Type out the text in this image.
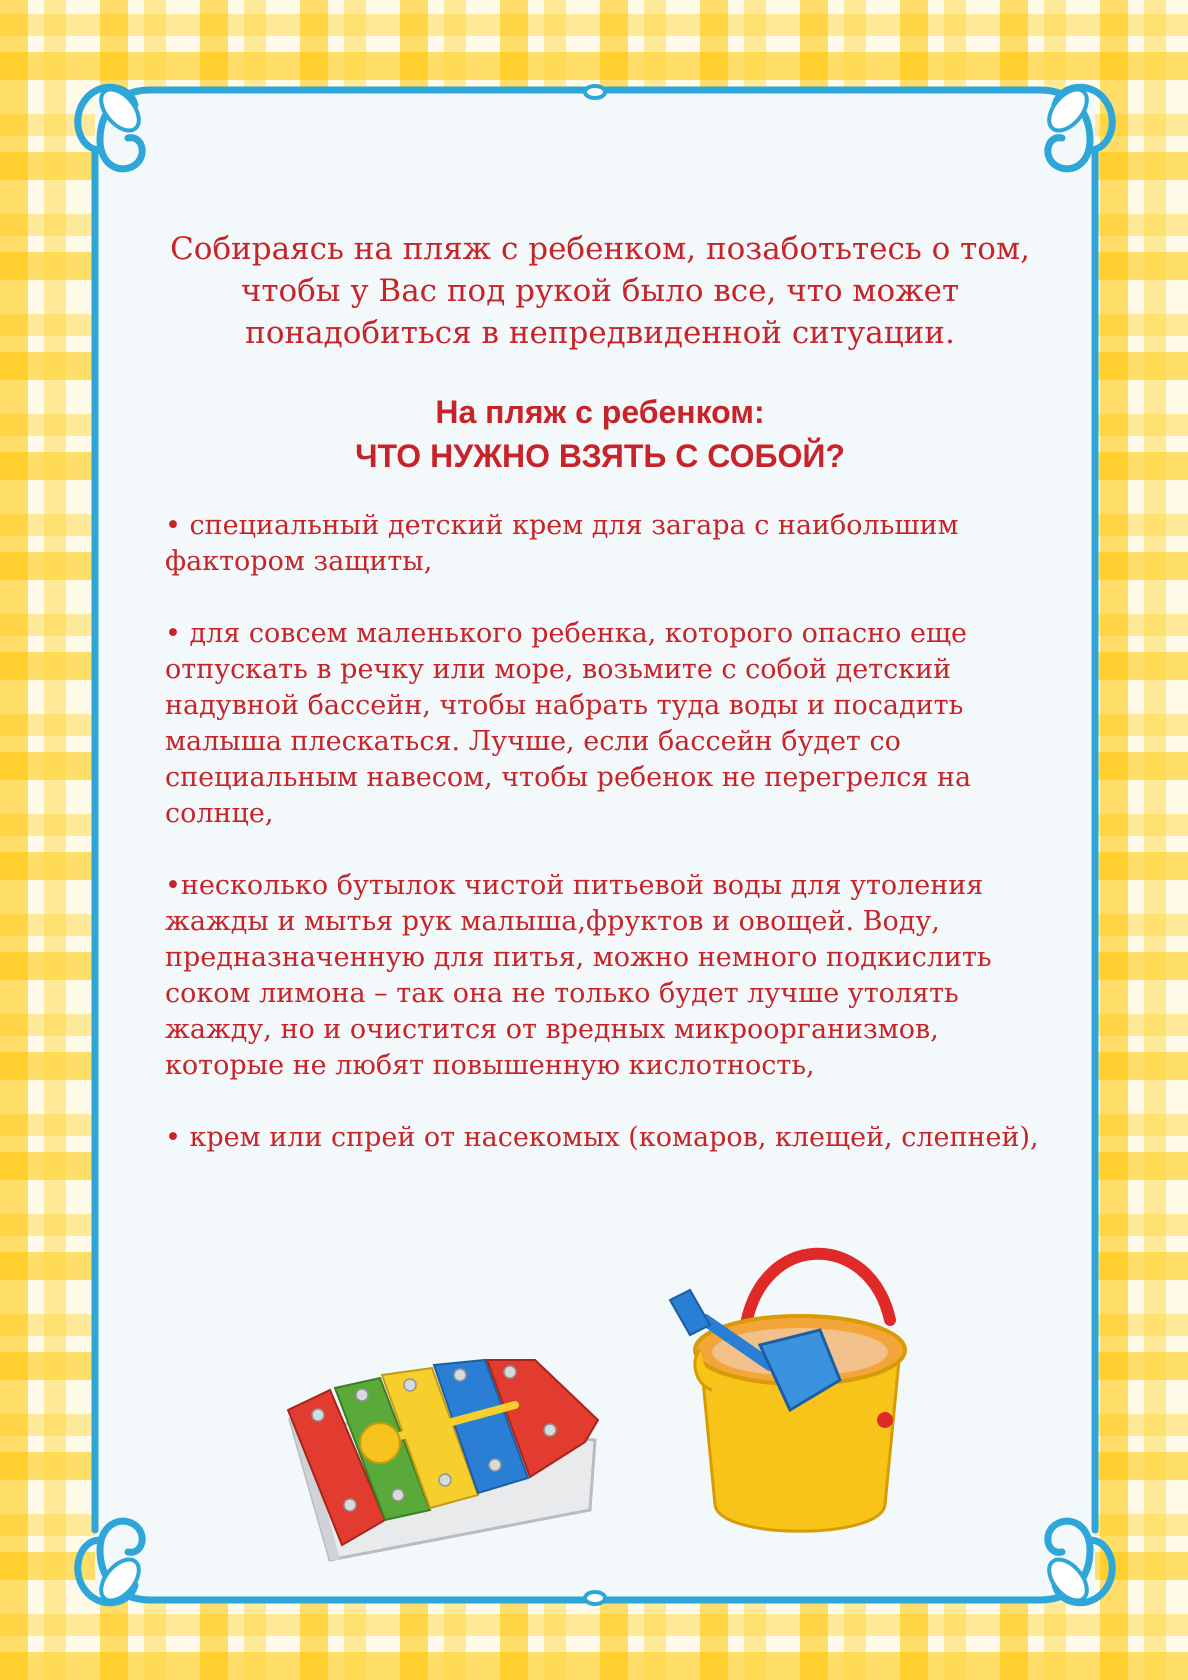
Собираясь на пляж с ребенком, позаботьтесь о том, чтобы у Вас под рукой было все, что может понадобиться в непредвиденной ситуации.
На пляж с ребенком:
ЧТО НУЖНО ВЗЯТЬ С СОБОЙ?

• специальный детский крем для загара с наибольшим фактором защиты,

• для совсем маленького ребенка, которого опасно еще отпускать в речку или море, возьмите с собой детский надувной бассейн, чтобы набрать туда воды и посадить малыша плескаться. Лучше, если бассейн будет со специальным навесом, чтобы ребенок не перегрелся на солнце,

•несколько бутылок чистой питьевой воды для утоления жажды и мытья рук малыша,фруктов и овощей. Воду, предназначенную для питья, можно немного подкислить соком лимона – так она не только будет лучше утолять жажду, но и очистится от вредных микроорганизмов, которые не любят повышенную кислотность,

• крем или спрей от насекомых (комаров, клещей, слепней),
